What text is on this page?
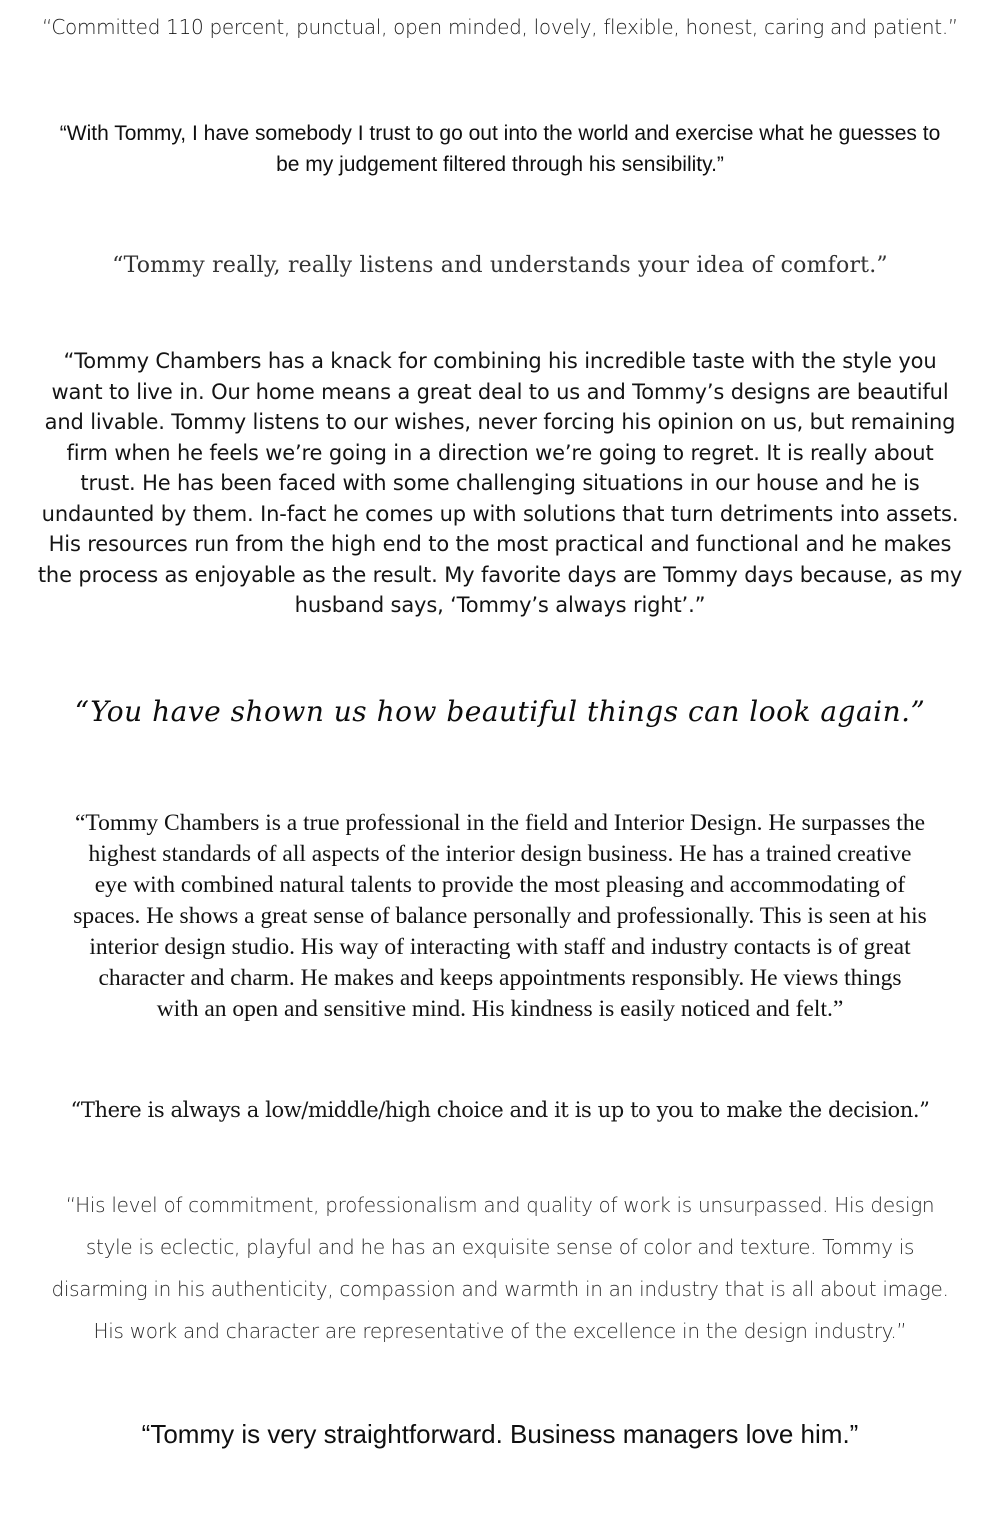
“Committed 110 percent, punctual, open minded, lovely, flexible, honest, caring and patient.”

“With Tommy, I have somebody I trust to go out into the world and exercise what he guesses to
be my judgement filtered through his sensibility.”

“Tommy really, really listens and understands your idea of comfort.”

“Tommy Chambers has a knack for combining his incredible taste with the style you
want to live in. Our home means a great deal to us and Tommy’s designs are beautiful
and livable. Tommy listens to our wishes, never forcing his opinion on us, but remaining
firm when he feels we’re going in a direction we’re going to regret. It is really about
trust. He has been faced with some challenging situations in our house and he is
undaunted by them. In-fact he comes up with solutions that turn detriments into assets.
His resources run from the high end to the most practical and functional and he makes
the process as enjoyable as the result. My favorite days are Tommy days because, as my
husband says, ‘Tommy’s always right’.”

“You have shown us how beautiful things can look again.”

“Tommy Chambers is a true professional in the field and Interior Design. He surpasses the
highest standards of all aspects of the interior design business. He has a trained creative
eye with combined natural talents to provide the most pleasing and accommodating of
spaces. He shows a great sense of balance personally and professionally. This is seen at his
interior design studio. His way of interacting with staff and industry contacts is of great
character and charm. He makes and keeps appointments responsibly. He views things
with an open and sensitive mind. His kindness is easily noticed and felt.”

“There is always a low/middle/high choice and it is up to you to make the decision.”

“His level of commitment, professionalism and quality of work is unsurpassed. His design
style is eclectic, playful and he has an exquisite sense of color and texture. Tommy is
disarming in his authenticity, compassion and warmth in an industry that is all about image.
His work and character are representative of the excellence in the design industry.”

“Tommy is very straightforward. Business managers love him.”
